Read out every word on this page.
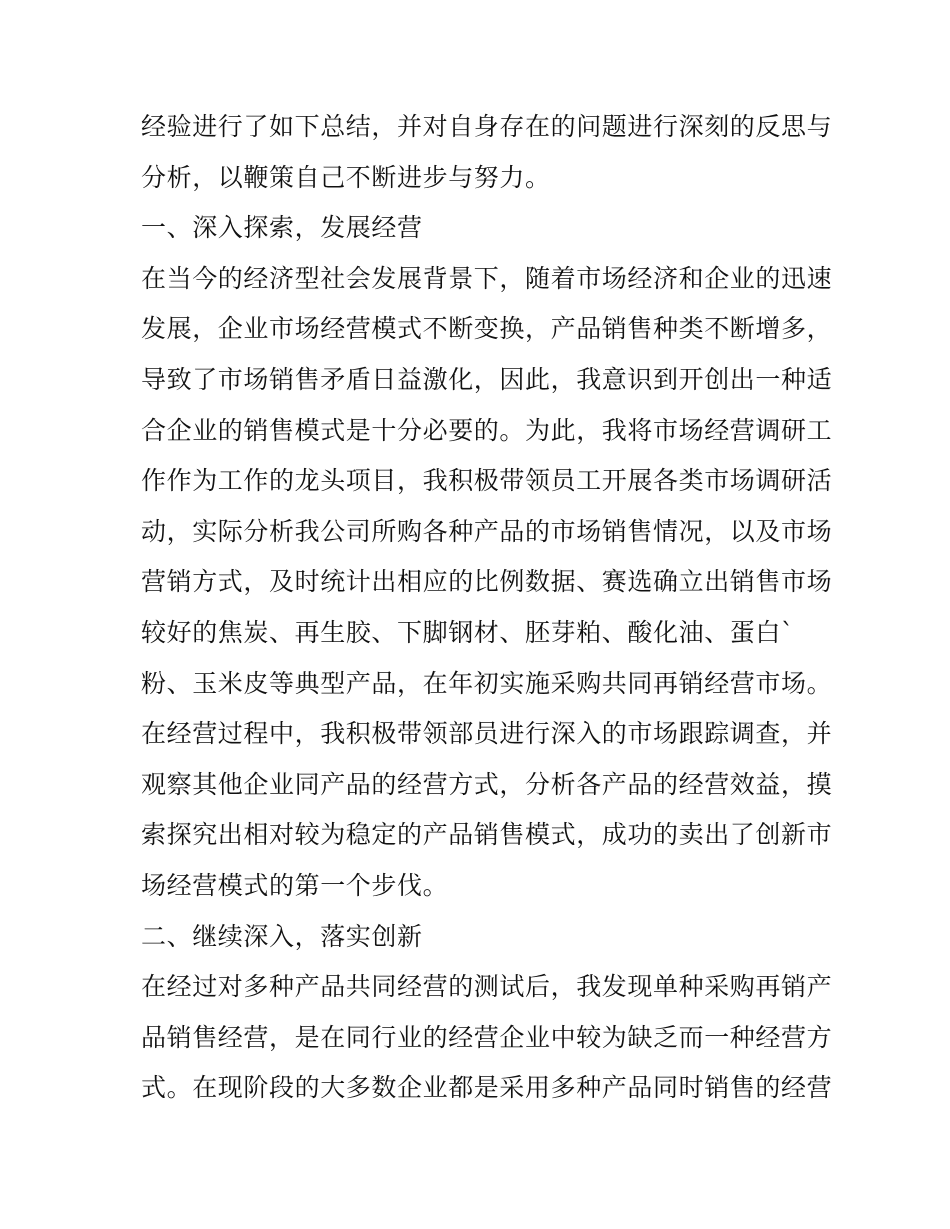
经验进行了如下总结，并对自身存在的问题进行深刻的反思与
分析，以鞭策自己不断进步与努力。
一、深入探索，发展经营
在当今的经济型社会发展背景下，随着市场经济和企业的迅速
发展，企业市场经营模式不断变换，产品销售种类不断增多，
导致了市场销售矛盾日益激化，因此，我意识到开创出一种适
合企业的销售模式是十分必要的。为此，我将市场经营调研工
作作为工作的龙头项目，我积极带领员工开展各类市场调研活
动，实际分析我公司所购各种产品的市场销售情况，以及市场
营销方式，及时统计出相应的比例数据、赛选确立出销售市场
较好的焦炭、再生胶、下脚钢材、胚芽粕、酸化油、蛋白`
粉、玉米皮等典型产品，在年初实施采购共同再销经营市场。
在经营过程中，我积极带领部员进行深入的市场跟踪调查，并
观察其他企业同产品的经营方式，分析各产品的经营效益，摸
索探究出相对较为稳定的产品销售模式，成功的卖出了创新市
场经营模式的第一个步伐。
二、继续深入，落实创新
在经过对多种产品共同经营的测试后，我发现单种采购再销产
品销售经营，是在同行业的经营企业中较为缺乏而一种经营方
式。在现阶段的大多数企业都是采用多种产品同时销售的经营
